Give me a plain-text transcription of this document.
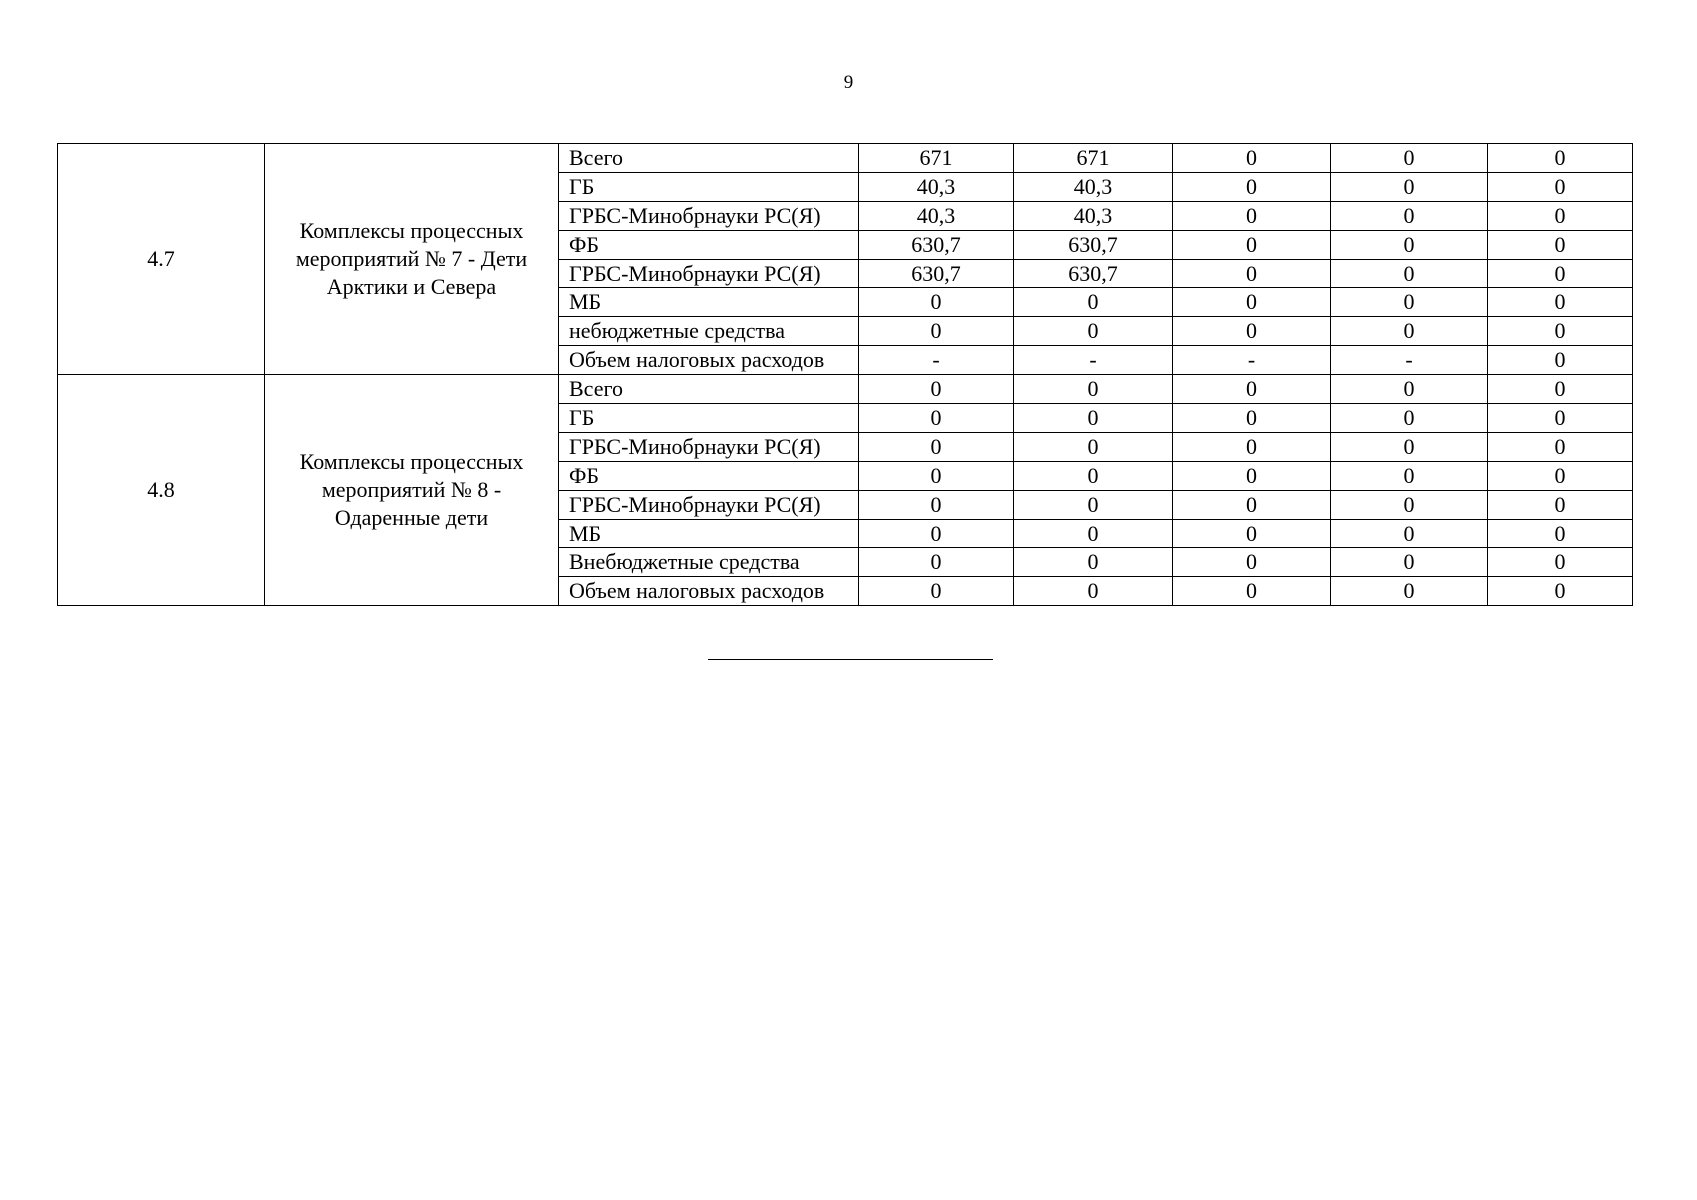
9
4.7	Комплексы процессных мероприятий № 7 - Дети Арктики и Севера	Всего	671	671	0	0	0
		ГБ	40,3	40,3	0	0	0
		ГРБС-Минобрнауки РС(Я)	40,3	40,3	0	0	0
		ФБ	630,7	630,7	0	0	0
		ГРБС-Минобрнауки РС(Я)	630,7	630,7	0	0	0
		МБ	0	0	0	0	0
		небюджетные средства	0	0	0	0	0
		Объем налоговых расходов	-	-	-	-	0
4.8	Комплексы процессных мероприятий № 8 - Одаренные дети	Всего	0	0	0	0	0
		ГБ	0	0	0	0	0
		ГРБС-Минобрнауки РС(Я)	0	0	0	0	0
		ФБ	0	0	0	0	0
		ГРБС-Минобрнауки РС(Я)	0	0	0	0	0
		МБ	0	0	0	0	0
		Внебюджетные средства	0	0	0	0	0
		Объем налоговых расходов	0	0	0	0	0
